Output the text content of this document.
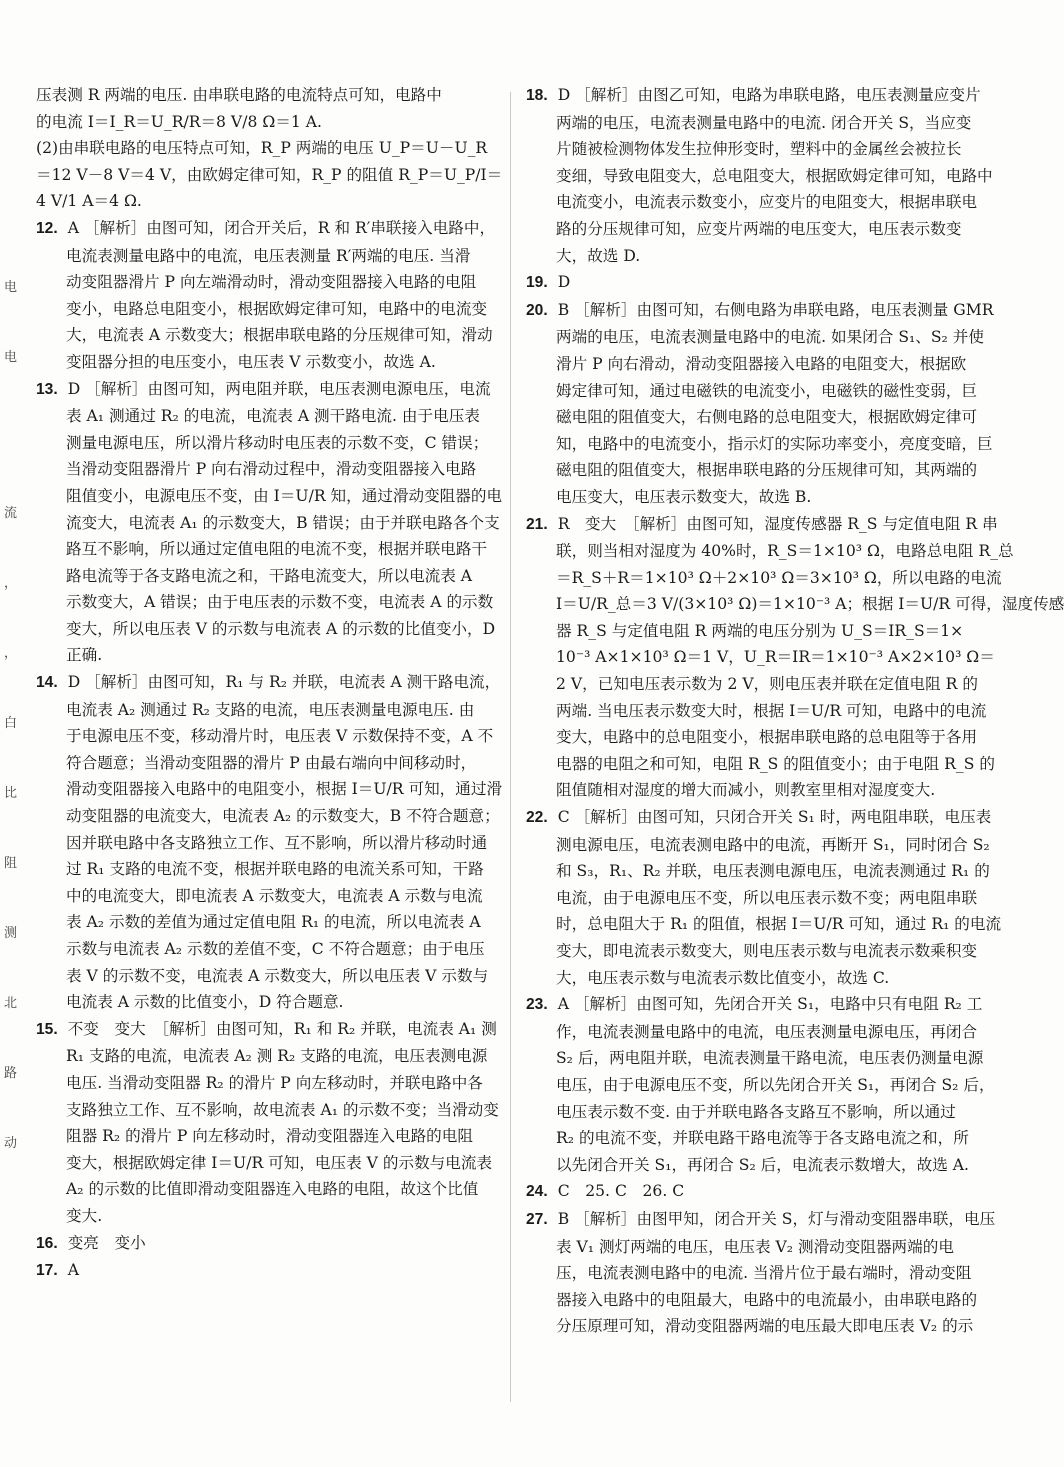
电
电
流
，
，
白
比
阻
测
北
路
动
压表测 R 两端的电压. 由串联电路的电流特点可知，电路中
的电流 I＝I_R＝U_R/R＝8 V/8 Ω＝1 A.
(2)由串联电路的电压特点可知，R_P 两端的电压 U_P＝U－U_R
＝12 V－8 V＝4 V，由欧姆定律可知，R_P 的阻值 R_P＝U_P/I＝
4 V/1 A＝4 Ω.
12. A ［解析］由图可知，闭合开关后，R 和 R′串联接入电路中，
电流表测量电路中的电流，电压表测量 R′两端的电压. 当滑
动变阻器滑片 P 向左端滑动时，滑动变阻器接入电路的电阻
变小，电路总电阻变小，根据欧姆定律可知，电路中的电流变
大，电流表 A 示数变大；根据串联电路的分压规律可知，滑动
变阻器分担的电压变小，电压表 V 示数变小，故选 A.
13. D ［解析］由图可知，两电阻并联，电压表测电源电压，电流
表 A₁ 测通过 R₂ 的电流，电流表 A 测干路电流. 由于电压表
测量电源电压，所以滑片移动时电压表的示数不变，C 错误；
当滑动变阻器滑片 P 向右滑动过程中，滑动变阻器接入电路
阻值变小，电源电压不变，由 I＝U/R 知，通过滑动变阻器的电
流变大，电流表 A₁ 的示数变大，B 错误；由于并联电路各个支
路互不影响，所以通过定值电阻的电流不变，根据并联电路干
路电流等于各支路电流之和，干路电流变大，所以电流表 A
示数变大，A 错误；由于电压表的示数不变，电流表 A 的示数
变大，所以电压表 V 的示数与电流表 A 的示数的比值变小，D
正确.
14. D ［解析］由图可知，R₁ 与 R₂ 并联，电流表 A 测干路电流，
电流表 A₂ 测通过 R₂ 支路的电流，电压表测量电源电压. 由
于电源电压不变，移动滑片时，电压表 V 示数保持不变，A 不
符合题意；当滑动变阻器的滑片 P 由最右端向中间移动时，
滑动变阻器接入电路中的电阻变小，根据 I＝U/R 可知，通过滑
动变阻器的电流变大，电流表 A₂ 的示数变大，B 不符合题意；
因并联电路中各支路独立工作、互不影响，所以滑片移动时通
过 R₁ 支路的电流不变，根据并联电路的电流关系可知，干路
中的电流变大，即电流表 A 示数变大，电流表 A 示数与电流
表 A₂ 示数的差值为通过定值电阻 R₁ 的电流，所以电流表 A
示数与电流表 A₂ 示数的差值不变，C 不符合题意；由于电压
表 V 的示数不变，电流表 A 示数变大，所以电压表 V 示数与
电流表 A 示数的比值变小，D 符合题意.
15. 不变　变大　［解析］由图可知，R₁ 和 R₂ 并联，电流表 A₁ 测
R₁ 支路的电流，电流表 A₂ 测 R₂ 支路的电流，电压表测电源
电压. 当滑动变阻器 R₂ 的滑片 P 向左移动时，并联电路中各
支路独立工作、互不影响，故电流表 A₁ 的示数不变；当滑动变
阻器 R₂ 的滑片 P 向左移动时，滑动变阻器连入电路的电阻
变大，根据欧姆定律 I＝U/R 可知，电压表 V 的示数与电流表
A₂ 的示数的比值即滑动变阻器连入电路的电阻，故这个比值
变大.
16. 变亮　变小
17. A
18. D ［解析］由图乙可知，电路为串联电路，电压表测量应变片
两端的电压，电流表测量电路中的电流. 闭合开关 S，当应变
片随被检测物体发生拉伸形变时，塑料中的金属丝会被拉长
变细，导致电阻变大，总电阻变大，根据欧姆定律可知，电路中
电流变小，电流表示数变小，应变片的电阻变大，根据串联电
路的分压规律可知，应变片两端的电压变大，电压表示数变
大，故选 D.
19. D
20. B ［解析］由图可知，右侧电路为串联电路，电压表测量 GMR
两端的电压，电流表测量电路中的电流. 如果闭合 S₁、S₂ 并使
滑片 P 向右滑动，滑动变阻器接入电路的电阻变大，根据欧
姆定律可知，通过电磁铁的电流变小，电磁铁的磁性变弱，巨
磁电阻的阻值变大，右侧电路的总电阻变大，根据欧姆定律可
知，电路中的电流变小，指示灯的实际功率变小，亮度变暗，巨
磁电阻的阻值变大，根据串联电路的分压规律可知，其两端的
电压变大，电压表示数变大，故选 B.
21. R　变大　［解析］由图可知，湿度传感器 R_S 与定值电阻 R 串
联，则当相对湿度为 40%时，R_S＝1×10³ Ω，电路总电阻 R_总
＝R_S＋R＝1×10³ Ω＋2×10³ Ω＝3×10³ Ω，所以电路的电流
I＝U/R_总＝3 V/(3×10³ Ω)＝1×10⁻³ A；根据 I＝U/R 可得，湿度传感
器 R_S 与定值电阻 R 两端的电压分别为 U_S＝IR_S＝1×
10⁻³ A×1×10³ Ω＝1 V，U_R＝IR＝1×10⁻³ A×2×10³ Ω＝
2 V，已知电压表示数为 2 V，则电压表并联在定值电阻 R 的
两端. 当电压表示数变大时，根据 I＝U/R 可知，电路中的电流
变大，电路中的总电阻变小，根据串联电路的总电阻等于各用
电器的电阻之和可知，电阻 R_S 的阻值变小；由于电阻 R_S 的
阻值随相对湿度的增大而减小，则教室里相对湿度变大.
22. C ［解析］由图可知，只闭合开关 S₁ 时，两电阻串联，电压表
测电源电压，电流表测电路中的电流，再断开 S₁，同时闭合 S₂
和 S₃，R₁、R₂ 并联，电压表测电源电压，电流表测通过 R₁ 的
电流，由于电源电压不变，所以电压表示数不变；两电阻串联
时，总电阻大于 R₁ 的阻值，根据 I＝U/R 可知，通过 R₁ 的电流
变大，即电流表示数变大，则电压表示数与电流表示数乘积变
大，电压表示数与电流表示数比值变小，故选 C.
23. A ［解析］由图可知，先闭合开关 S₁，电路中只有电阻 R₂ 工
作，电流表测量电路中的电流，电压表测量电源电压，再闭合
S₂ 后，两电阻并联，电流表测量干路电流，电压表仍测量电源
电压，由于电源电压不变，所以先闭合开关 S₁，再闭合 S₂ 后，
电压表示数不变. 由于并联电路各支路互不影响，所以通过
R₂ 的电流不变，并联电路干路电流等于各支路电流之和，所
以先闭合开关 S₁，再闭合 S₂ 后，电流表示数增大，故选 A.
24. C　25. C　26. C
27. B ［解析］由图甲知，闭合开关 S，灯与滑动变阻器串联，电压
表 V₁ 测灯两端的电压，电压表 V₂ 测滑动变阻器两端的电
压，电流表测电路中的电流. 当滑片位于最右端时，滑动变阻
器接入电路中的电阻最大，电路中的电流最小，由串联电路的
分压原理可知，滑动变阻器两端的电压最大即电压表 V₂ 的示
